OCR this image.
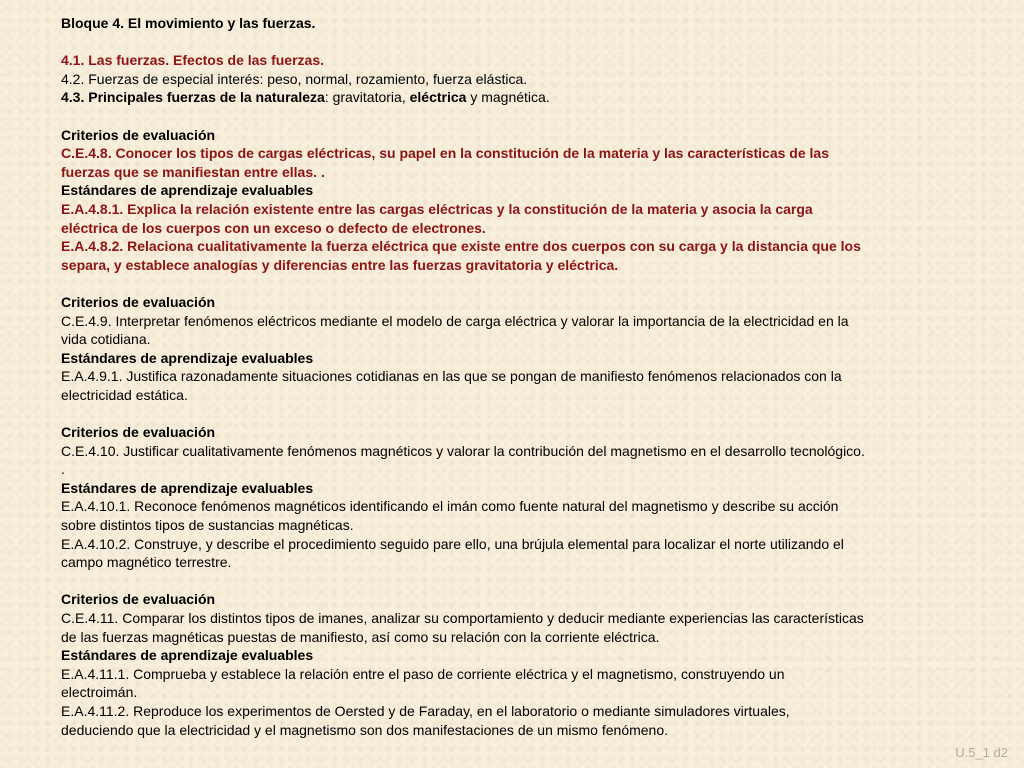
Bloque 4. El movimiento y las fuerzas.
4.1. Las fuerzas. Efectos de las fuerzas.
4.2. Fuerzas de especial interés: peso, normal, rozamiento, fuerza elástica.
4.3. Principales fuerzas de la naturaleza: gravitatoria, eléctrica y magnética.
Criterios de evaluación
C.E.4.8. Conocer los tipos de cargas eléctricas, su papel en la constitución de la materia y las características de las
fuerzas que se manifiestan entre ellas. .
Estándares de aprendizaje evaluables
E.A.4.8.1. Explica la relación existente entre las cargas eléctricas y la constitución de la materia y asocia la carga
eléctrica de los cuerpos con un exceso o defecto de electrones.
E.A.4.8.2. Relaciona cualitativamente la fuerza eléctrica que existe entre dos cuerpos con su carga y la distancia que los
separa, y establece analogías y diferencias entre las fuerzas gravitatoria y eléctrica.
Criterios de evaluación
C.E.4.9. Interpretar fenómenos eléctricos mediante el modelo de carga eléctrica y valorar la importancia de la electricidad en la
vida cotidiana.
Estándares de aprendizaje evaluables
E.A.4.9.1. Justifica razonadamente situaciones cotidianas en las que se pongan de manifiesto fenómenos relacionados con la
electricidad estática.
Criterios de evaluación
C.E.4.10. Justificar cualitativamente fenómenos magnéticos y valorar la contribución del magnetismo en el desarrollo tecnológico.
.
Estándares de aprendizaje evaluables
E.A.4.10.1. Reconoce fenómenos magnéticos identificando el imán como fuente natural del magnetismo y describe su acción
sobre distintos tipos de sustancias magnéticas.
E.A.4.10.2. Construye, y describe el procedimiento seguido pare ello, una brújula elemental para localizar el norte utilizando el
campo magnético terrestre.
Criterios de evaluación
C.E.4.11. Comparar los distintos tipos de imanes, analizar su comportamiento y deducir mediante experiencias las características
de las fuerzas magnéticas puestas de manifiesto, así como su relación con la corriente eléctrica.
Estándares de aprendizaje evaluables
E.A.4.11.1. Comprueba y establece la relación entre el paso de corriente eléctrica y el magnetismo, construyendo un
electroimán.
E.A.4.11.2. Reproduce los experimentos de Oersted y de Faraday, en el laboratorio o mediante simuladores virtuales,
deduciendo que la electricidad y el magnetismo son dos manifestaciones de un mismo fenómeno.
U.5_1 d2
